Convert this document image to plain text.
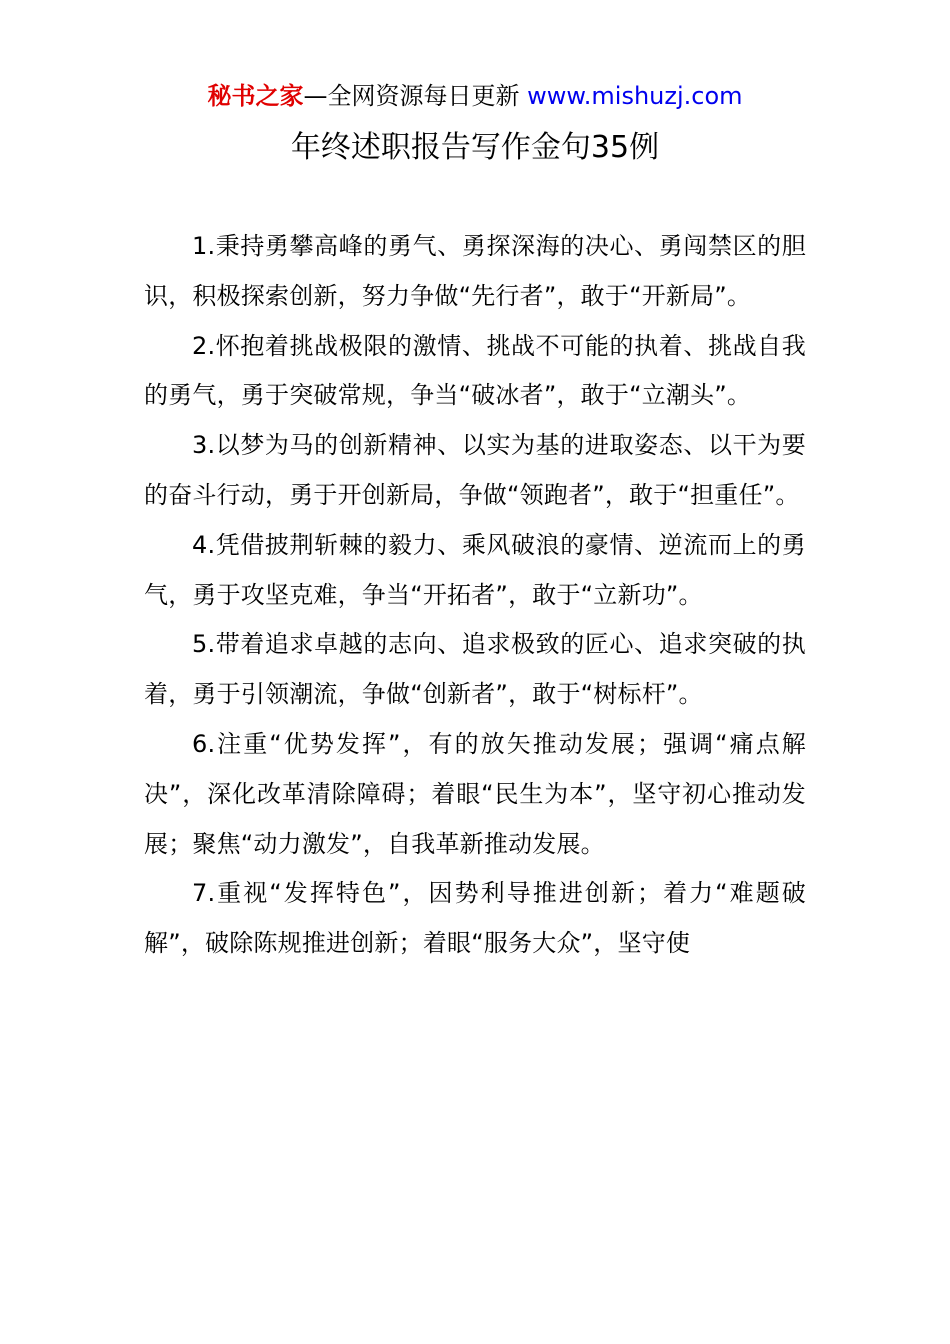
秘书之家—全网资源每日更新 www.mishuzj.com
年终述职报告写作金句35例

1.秉持勇攀高峰的勇气、勇探深海的决心、勇闯禁区的胆识，积极探索创新，努力争做“先行者”，敢于“开新局”。

2.怀抱着挑战极限的激情、挑战不可能的执着、挑战自我的勇气，勇于突破常规，争当“破冰者”，敢于“立潮头”。

3.以梦为马的创新精神、以实为基的进取姿态、以干为要的奋斗行动，勇于开创新局，争做“领跑者”，敢于“担重任”。

4.凭借披荆斩棘的毅力、乘风破浪的豪情、逆流而上的勇气，勇于攻坚克难，争当“开拓者”，敢于“立新功”。

5.带着追求卓越的志向、追求极致的匠心、追求突破的执着，勇于引领潮流，争做“创新者”，敢于“树标杆”。

6.注重“优势发挥”，有的放矢推动发展；强调“痛点解决”，深化改革清除障碍；着眼“民生为本”，坚守初心推动发展；聚焦“动力激发”，自我革新推动发展。

7.重视“发挥特色”，因势利导推进创新；着力“难题破解”，破除陈规推进创新；着眼“服务大众”，坚守使
